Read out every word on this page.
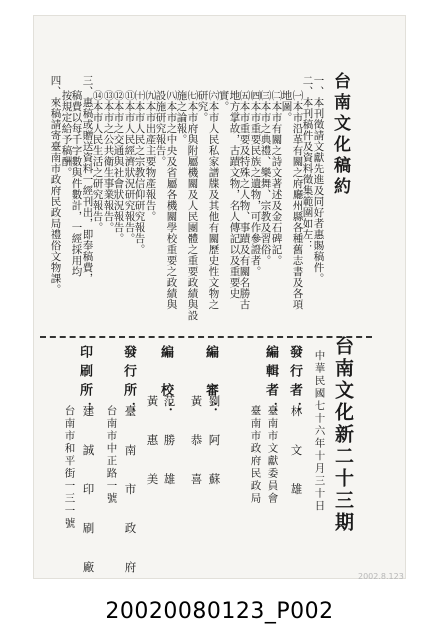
台南文化稿約
一、本刊徵請文獻先進及同好者惠賜稿件。
二、本刊稿件及資料徵集範圍如左：
㈠本市沿革有關之府廳州縣各種舊志書及各項
地圖。
㈡本市有關之詩文著述及金石碑記。
㈢本市之典禮、樂舞、宗教及習俗。
㈣本市重要民族之遺物，可作參證者。
㈤本市重要及特殊之人物、事蹟及有關名勝古
地方掌故，古蹟文物，名人傳記以及重要史
實。
㈥本市人民私家譜牒及其他有關歷史性文物之
研究。
㈦本市府與附屬機關及人民團體之重要政績與設
施之論報。
㈧本市之中央及省屬各機關學校重要之政績與
設施研究報告。
㈨本市出產主要物產報告。
㈩本市人民之宗教信仰研究報告。
⑪本市人民經濟狀況研究報告。
⑫本市之交通與社會狀況報告。
⑬本市之公共衛生事業報告。
⑭本市人民生活之研究報告。
三、惠稿或贈送資料一經刊出，即奉稿費，
稿費以每千字數與件數計，一經採用均
按規定給予稿酬。
四、來稿請寄臺南市政府民政局禮俗文物課。
台南文化新二十三期
中華民國七十六年十月三十日
發行者：
林　文　雄
編輯者：
臺南市文獻委員會
臺南市政府民政局
編　審：
劉　阿　蘇
黃　恭　喜
編　校：
范　勝　雄
黃　惠　美
發行所：
臺　南　市　政　府
台南市中正路一號
印刷所：
建　誠　印　刷　廠
台南市和平街一三一號
2002.8.123
20020080123_P002
